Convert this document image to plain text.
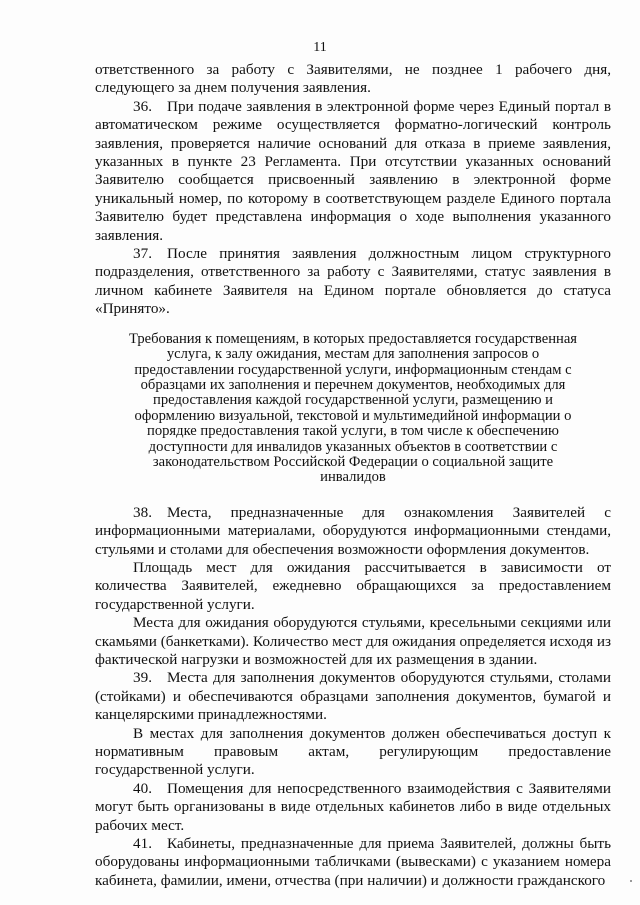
11

ответственного за работу с Заявителями, не позднее 1 рабочего дня, следующего за днем получения заявления.

36. При подаче заявления в электронной форме через Единый портал в автоматическом режиме осуществляется форматно-логический контроль заявления, проверяется наличие оснований для отказа в приеме заявления, указанных в пункте 23 Регламента. При отсутствии указанных оснований Заявителю сообщается присвоенный заявлению в электронной форме уникальный номер, по которому в соответствующем разделе Единого портала Заявителю будет представлена информация о ходе выполнения указанного заявления.

37. После принятия заявления должностным лицом структурного подразделения, ответственного за работу с Заявителями, статус заявления в личном кабинете Заявителя на Едином портале обновляется до статуса «Принято».

Требования к помещениям, в которых предоставляется государственная услуга, к залу ожидания, местам для заполнения запросов о предоставлении государственной услуги, информационным стендам с образцами их заполнения и перечнем документов, необходимых для предоставления каждой государственной услуги, размещению и оформлению визуальной, текстовой и мультимедийной информации о порядке предоставления такой услуги, в том числе к обеспечению доступности для инвалидов указанных объектов в соответствии с законодательством Российской Федерации о социальной защите инвалидов

38. Места, предназначенные для ознакомления Заявителей с информационными материалами, оборудуются информационными стендами, стульями и столами для обеспечения возможности оформления документов.

Площадь мест для ожидания рассчитывается в зависимости от количества Заявителей, ежедневно обращающихся за предоставлением государственной услуги.

Места для ожидания оборудуются стульями, кресельными секциями или скамьями (банкетками). Количество мест для ожидания определяется исходя из фактической нагрузки и возможностей для их размещения в здании.

39. Места для заполнения документов оборудуются стульями, столами (стойками) и обеспечиваются образцами заполнения документов, бумагой и канцелярскими принадлежностями.

В местах для заполнения документов должен обеспечиваться доступ к нормативным правовым актам, регулирующим предоставление государственной услуги.

40. Помещения для непосредственного взаимодействия с Заявителями могут быть организованы в виде отдельных кабинетов либо в виде отдельных рабочих мест.

41. Кабинеты, предназначенные для приема Заявителей, должны быть оборудованы информационными табличками (вывесками) с указанием номера кабинета, фамилии, имени, отчества (при наличии) и должности гражданского
